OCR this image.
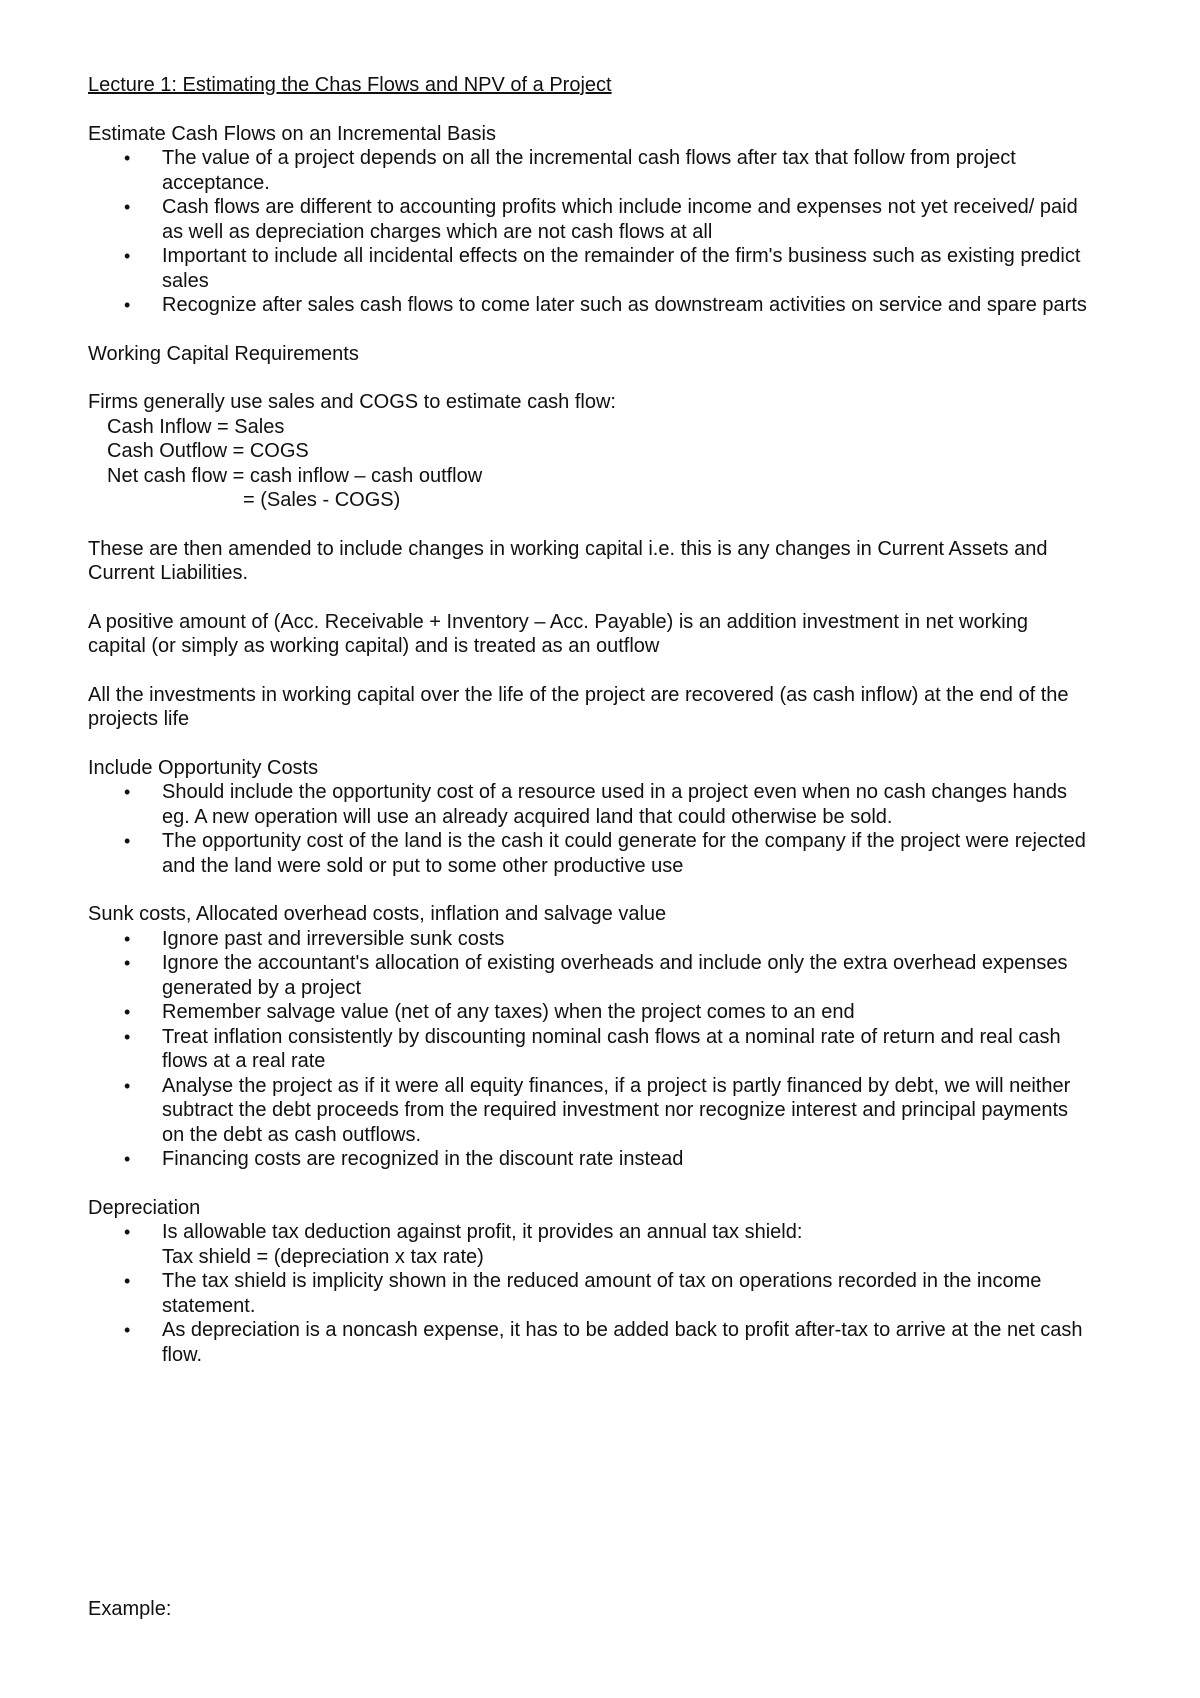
Lecture 1: Estimating the Chas Flows and NPV of a Project
Estimate Cash Flows on an Incremental Basis
• The value of a project depends on all the incremental cash flows after tax that follow from project acceptance.
• Cash flows are different to accounting profits which include income and expenses not yet received/ paid as well as depreciation charges which are not cash flows at all
• Important to include all incidental effects on the remainder of the firm's business such as existing predict sales
• Recognize after sales cash flows to come later such as downstream activities on service and spare parts
Working Capital Requirements
Firms generally use sales and COGS to estimate cash flow:
Cash Inflow = Sales
Cash Outflow = COGS
Net cash flow = cash inflow – cash outflow
= (Sales - COGS)
These are then amended to include changes in working capital i.e. this is any changes in Current Assets and Current Liabilities.
A positive amount of (Acc. Receivable + Inventory – Acc. Payable) is an addition investment in net working capital (or simply as working capital) and is treated as an outflow
All the investments in working capital over the life of the project are recovered (as cash inflow) at the end of the projects life
Include Opportunity Costs
• Should include the opportunity cost of a resource used in a project even when no cash changes hands eg. A new operation will use an already acquired land that could otherwise be sold.
• The opportunity cost of the land is the cash it could generate for the company if the project were rejected and the land were sold or put to some other productive use
Sunk costs, Allocated overhead costs, inflation and salvage value
• Ignore past and irreversible sunk costs
• Ignore the accountant's allocation of existing overheads and include only the extra overhead expenses generated by a project
• Remember salvage value (net of any taxes) when the project comes to an end
• Treat inflation consistently by discounting nominal cash flows at a nominal rate of return and real cash flows at a real rate
• Analyse the project as if it were all equity finances, if a project is partly financed by debt, we will neither subtract the debt proceeds from the required investment nor recognize interest and principal payments on the debt as cash outflows.
• Financing costs are recognized in the discount rate instead
Depreciation
• Is allowable tax deduction against profit, it provides an annual tax shield:
Tax shield = (depreciation x tax rate)
• The tax shield is implicity shown in the reduced amount of tax on operations recorded in the income statement.
• As depreciation is a noncash expense, it has to be added back to profit after-tax to arrive at the net cash flow.
Example:
